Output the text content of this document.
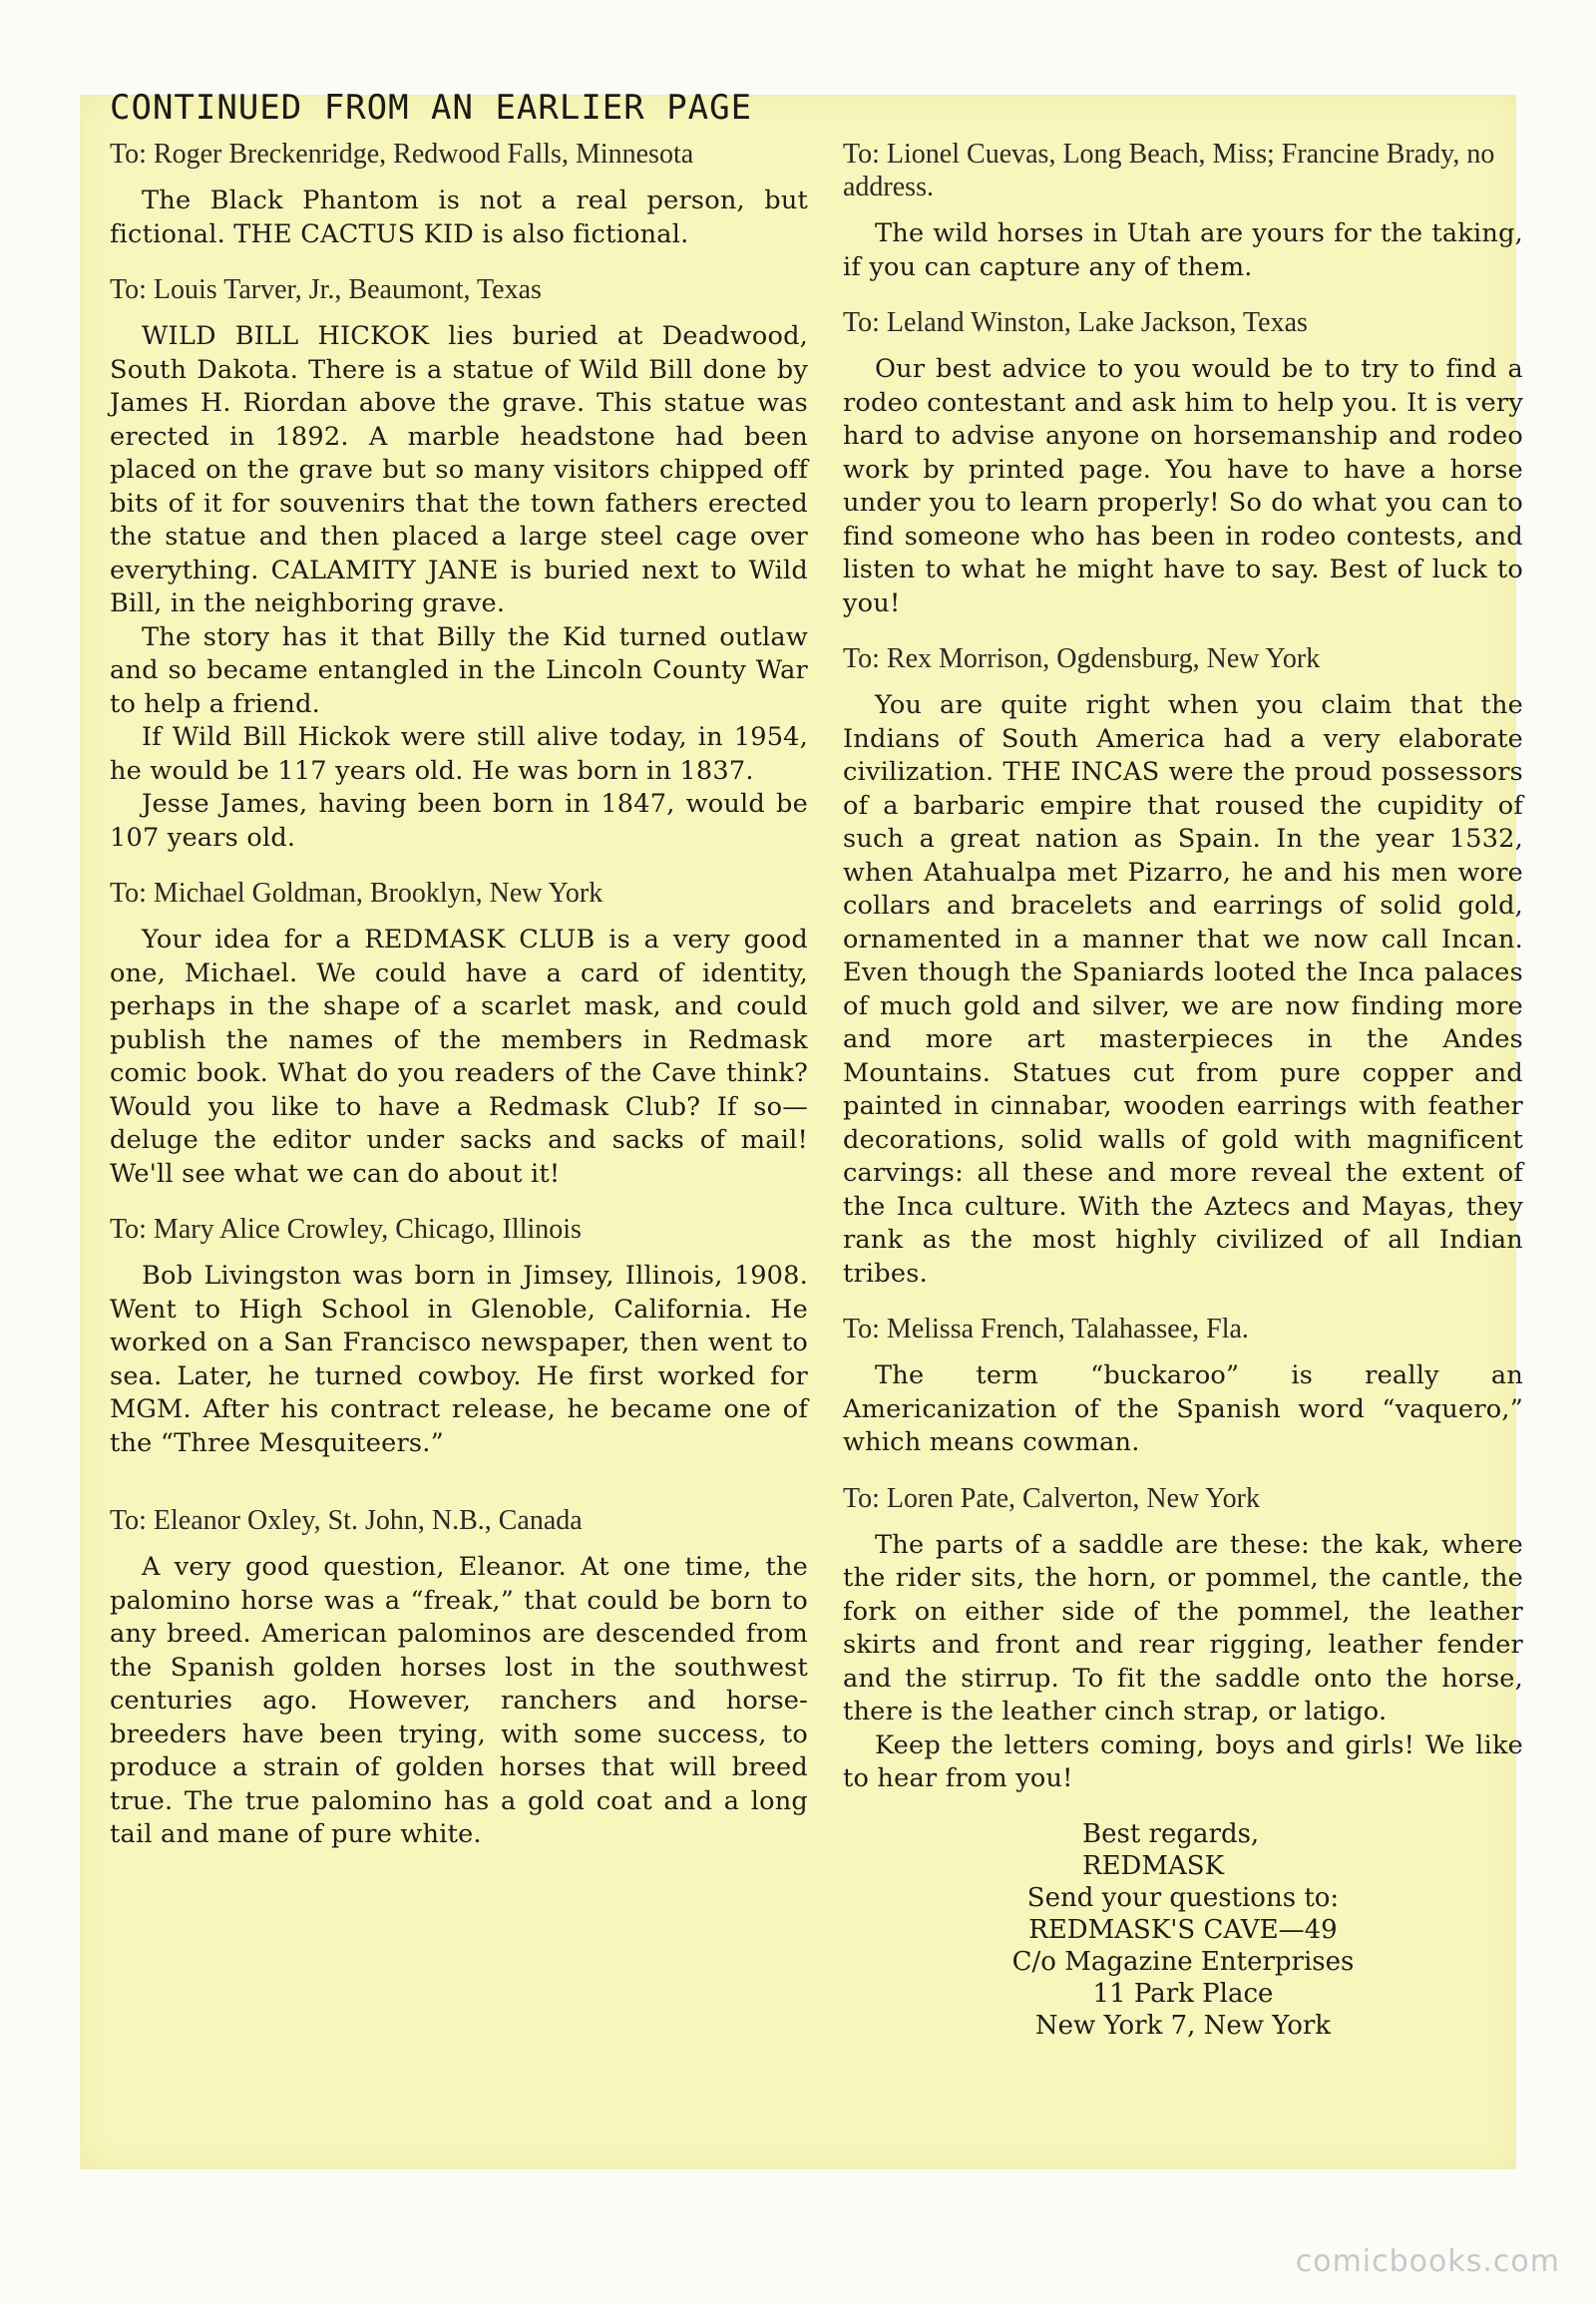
CONTINUED FROM AN EARLIER PAGE
To: Roger Breckenridge, Redwood Falls, Minnesota

The Black Phantom is not a real person, but fictional. THE CACTUS KID is also fictional.

To: Louis Tarver, Jr., Beaumont, Texas

WILD BILL HICKOK lies buried at Deadwood, South Dakota. There is a statue of Wild Bill done by James H. Riordan above the grave. This statue was erected in 1892. A marble headstone had been placed on the grave but so many visitors chipped off bits of it for souvenirs that the town fathers erected the statue and then placed a large steel cage over everything. CALAMITY JANE is buried next to Wild Bill, in the neighboring grave.

The story has it that Billy the Kid turned outlaw and so became entangled in the Lincoln County War to help a friend.

If Wild Bill Hickok were still alive today, in 1954, he would be 117 years old. He was born in 1837.

Jesse James, having been born in 1847, would be 107 years old.

To: Michael Goldman, Brooklyn, New York

Your idea for a REDMASK CLUB is a very good one, Michael. We could have a card of identity, perhaps in the shape of a scarlet mask, and could publish the names of the members in Redmask comic book. What do you readers of the Cave think? Would you like to have a Redmask Club? If so—deluge the editor under sacks and sacks of mail! We'll see what we can do about it!

To: Mary Alice Crowley, Chicago, Illinois

Bob Livingston was born in Jimsey, Illinois, 1908. Went to High School in Glenoble, California. He worked on a San Francisco newspaper, then went to sea. Later, he turned cowboy. He first worked for MGM. After his contract release, he became one of the “Three Mesquiteers.”

To: Eleanor Oxley, St. John, N.B., Canada

A very good question, Eleanor. At one time, the palomino horse was a “freak,” that could be born to any breed. American palominos are descended from the Spanish golden horses lost in the southwest centuries ago. However, ranchers and horse-breeders have been trying, with some success, to produce a strain of golden horses that will breed true. The true palomino has a gold coat and a long tail and mane of pure white.

To: Lionel Cuevas, Long Beach, Miss; Francine Brady, no address.

The wild horses in Utah are yours for the taking, if you can capture any of them.

To: Leland Winston, Lake Jackson, Texas

Our best advice to you would be to try to find a rodeo contestant and ask him to help you. It is very hard to advise anyone on horsemanship and rodeo work by printed page. You have to have a horse under you to learn properly! So do what you can to find someone who has been in rodeo contests, and listen to what he might have to say. Best of luck to you!

To: Rex Morrison, Ogdensburg, New York

You are quite right when you claim that the Indians of South America had a very elaborate civilization. THE INCAS were the proud possessors of a barbaric empire that roused the cupidity of such a great nation as Spain. In the year 1532, when Atahualpa met Pizarro, he and his men wore collars and bracelets and earrings of solid gold, ornamented in a manner that we now call Incan. Even though the Spaniards looted the Inca palaces of much gold and silver, we are now finding more and more art masterpieces in the Andes Mountains. Statues cut from pure copper and painted in cinnabar, wooden earrings with feather decorations, solid walls of gold with magnificent carvings: all these and more reveal the extent of the Inca culture. With the Aztecs and Mayas, they rank as the most highly civilized of all Indian tribes.

To: Melissa French, Talahassee, Fla.

The term “buckaroo” is really an Americanization of the Spanish word “vaquero,” which means cowman.

To: Loren Pate, Calverton, New York

The parts of a saddle are these: the kak, where the rider sits, the horn, or pommel, the cantle, the fork on either side of the pommel, the leather skirts and front and rear rigging, leather fender and the stirrup. To fit the saddle onto the horse, there is the leather cinch strap, or latigo.

Keep the letters coming, boys and girls! We like to hear from you!

Best regards,
REDMASK
Send your questions to:
REDMASK'S CAVE—49
C/o Magazine Enterprises
11 Park Place
New York 7, New York
comicbooks.com
